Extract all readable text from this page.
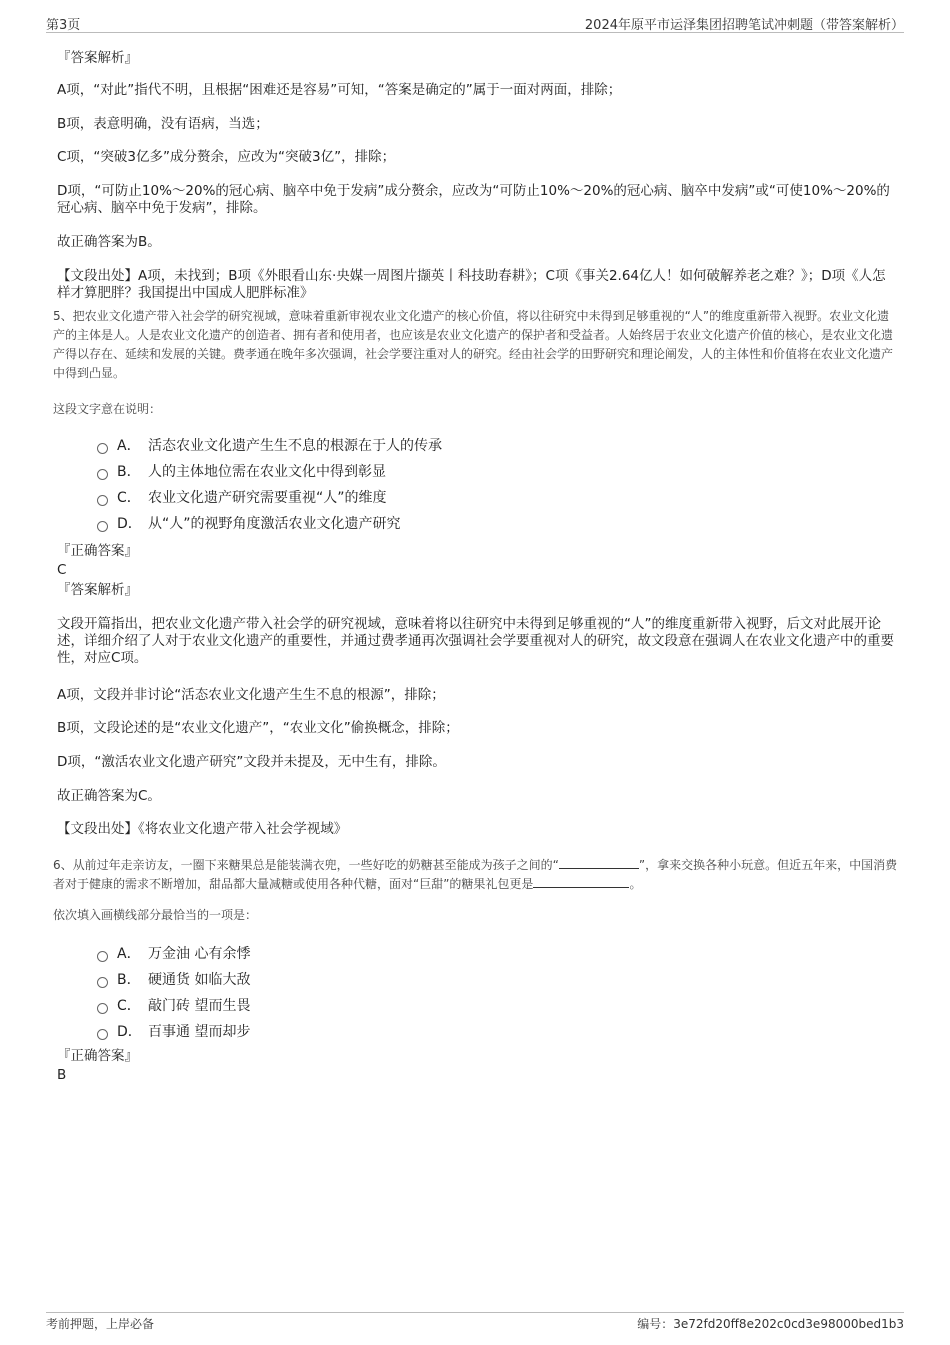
第3页	2024年原平市运泽集团招聘笔试冲刺题（带答案解析）
『答案解析』
A项，“对此”指代不明，且根据“困难还是容易”可知，“答案是确定的”属于一面对两面，排除；
B项，表意明确，没有语病，当选；
C项，“突破3亿多”成分赘余，应改为“突破3亿”，排除；
D项，“可防止10%～20%的冠心病、脑卒中免于发病”成分赘余，应改为“可防止10%～20%的冠心病、脑卒中发病”或“可使10%～20%的冠心病、脑卒中免于发病”，排除。
故正确答案为B。
【文段出处】A项，未找到；B项《外眼看山东·央媒一周图片撷英丨科技助春耕》；C项《事关2.64亿人！如何破解养老之难？》；D项《人怎样才算肥胖？我国提出中国成人肥胖标准》
5、把农业文化遗产带入社会学的研究视域，意味着重新审视农业文化遗产的核心价值，将以往研究中未得到足够重视的“人”的维度重新带入视野。农业文化遗产的主体是人。人是农业文化遗产的创造者、拥有者和使用者，也应该是农业文化遗产的保护者和受益者。人始终居于农业文化遗产价值的核心，是农业文化遗产得以存在、延续和发展的关键。费孝通在晚年多次强调，社会学要注重对人的研究。经由社会学的田野研究和理论阐发，人的主体性和价值将在农业文化遗产中得到凸显。
这段文字意在说明：
A． 活态农业文化遗产生生不息的根源在于人的传承
B． 人的主体地位需在农业文化中得到彰显
C． 农业文化遗产研究需要重视“人”的维度
D． 从“人”的视野角度激活农业文化遗产研究
『正确答案』
C
『答案解析』
文段开篇指出，把农业文化遗产带入社会学的研究视域，意味着将以往研究中未得到足够重视的“人”的维度重新带入视野，后文对此展开论述，详细介绍了人对于农业文化遗产的重要性，并通过费孝通再次强调社会学要重视对人的研究，故文段意在强调人在农业文化遗产中的重要性，对应C项。
A项，文段并非讨论“活态农业文化遗产生生不息的根源”，排除；
B项，文段论述的是“农业文化遗产”，“农业文化”偷换概念，排除；
D项，“激活农业文化遗产研究”文段并未提及，无中生有，排除。
故正确答案为C。
【文段出处】《将农业文化遗产带入社会学视域》
6、从前过年走亲访友，一圈下来糖果总是能装满衣兜，一些好吃的奶糖甚至能成为孩子之间的“	”，拿来交换各种小玩意。但近五年来，中国消费者对于健康的需求不断增加，甜品都大量减糖或使用各种代糖，面对“巨甜”的糖果礼包更是	。
依次填入画横线部分最恰当的一项是：
A． 万金油 心有余悸
B． 硬通货 如临大敌
C． 敲门砖 望而生畏
D． 百事通 望而却步
『正确答案』
B
考前押题，上岸必备	编号：3e72fd20ff8e202c0cd3e98000bed1b3
